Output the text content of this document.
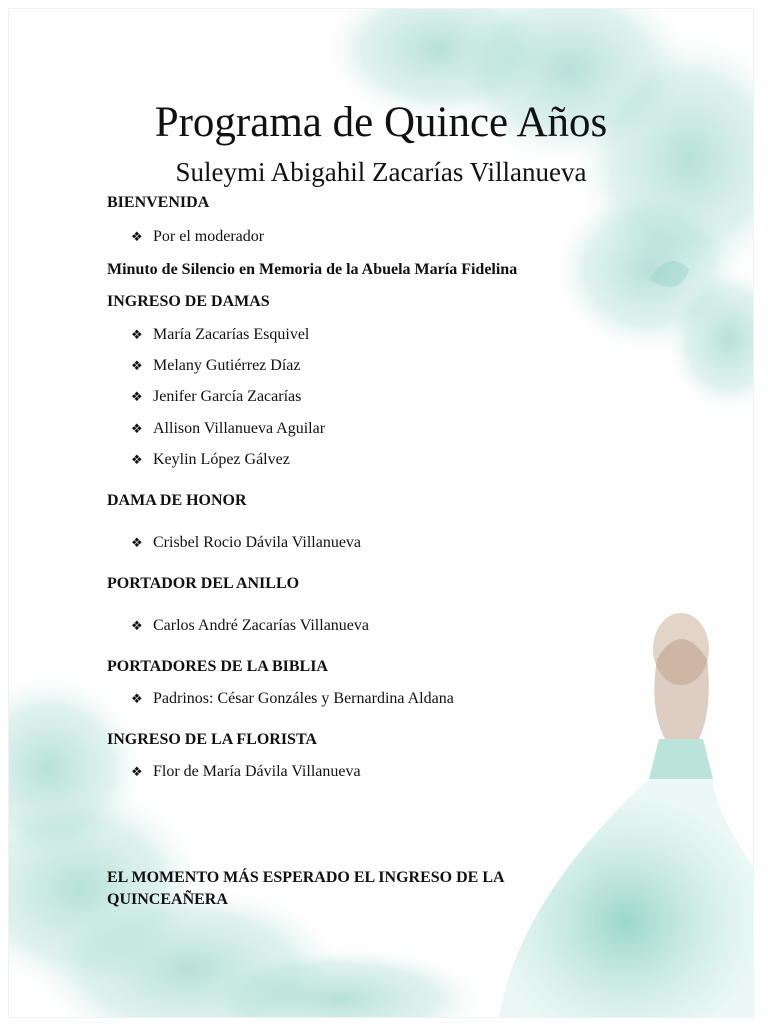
Programa de Quince Años
Suleymi Abigahil Zacarías Villanueva
BIENVENIDA
❖ Por el moderador
Minuto de Silencio en Memoria de la Abuela María Fidelina
INGRESO DE DAMAS
❖ María Zacarías Esquivel
❖ Melany Gutiérrez Díaz
❖ Jenifer García Zacarías
❖ Allison Villanueva Aguilar
❖ Keylin López Gálvez
DAMA DE HONOR
❖ Crisbel Rocio Dávila Villanueva
PORTADOR DEL ANILLO
❖ Carlos André Zacarías Villanueva
PORTADORES DE LA BIBLIA
❖ Padrinos: César Gonzáles y Bernardina Aldana
INGRESO DE LA FLORISTA
❖ Flor de María Dávila Villanueva
EL MOMENTO MÁS ESPERADO EL INGRESO DE LA QUINCEAÑERA
